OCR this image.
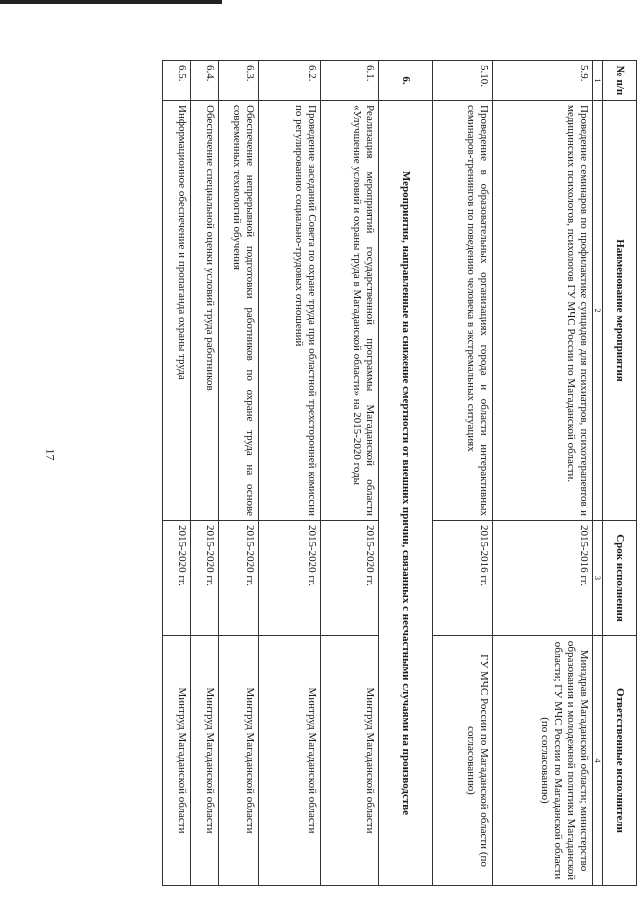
17
№ п/п	Наименование мероприятия	Срок исполнения	Ответственные исполнители
1	2	3	4
5.9.	Проведение семинаров по профилактике суицидов для психиатров, психотерапевтов и медицинских психологов, психологов ГУ МЧС России по Магаданской области.	2015-2016 гг.	Минздрав Магаданской области; министерство образования и молодежной политики Магаданской области; ГУ МЧС России по Магаданской области (по согласованию)
5.10.	Проведение в образовательных организациях города и области интерактивных семинаров-тренингов по поведению человека в экстремальных ситуациях	2015-2016 гг.	ГУ МЧС России по Магаданской области (по согласованию)
6.	Мероприятия, направленные на снижение смертности от внешних причин, связанных с несчастными случаями на производстве		
6.1.	Реализация мероприятий государственной программы Магаданской области «Улучшение условий и охраны труда в Магаданской области» на 2015-2020 годы	2015-2020 гг.	Минтруд Магаданской области
6.2.	Проведение заседаний Совета по охране труда при областной трехсторонней комиссии по регулированию социально-трудовых отношений	2015-2020 гг.	Минтруд Магаданской области
6.3.	Обеспечение непрерывной подготовки работников по охране труда на основе современных технологий обучения	2015-2020 гг.	Минтруд Магаданской области
6.4.	Обеспечение специальной оценки условий труда работников	2015-2020 гг.	Минтруд Магаданской области
6.5.	Информационное обеспечение и пропаганда охраны труда	2015-2020 гг.	Минтруд Магаданской области
